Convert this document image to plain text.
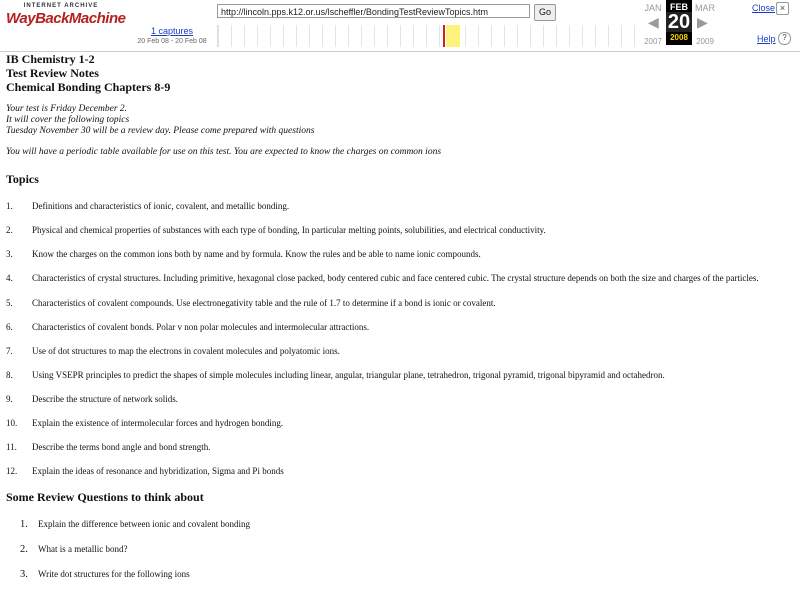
INTERNET ARCHIVE
WayBackMachine
1 captures
20 Feb 08 - 20 Feb 08
http://lincoln.pps.k12.or.us/lscheffler/BondingTestReviewTopics.htm	Go	JAN	MAR
◀	▶
FEB
20
2008
2007	2009
Close ×
Help ?
IB Chemistry 1-2
Test Review Notes
Chemical Bonding Chapters 8-9

Your test is Friday December 2.

It will cover the following topics

Tuesday November 30 will be a review day. Please come prepared with questions

You will have a periodic table available for use on this test. You are expected to know the charges on common ions

Topics
1. Definitions and characteristics of ionic, covalent, and metallic bonding.
2. Physical and chemical properties of substances with each type of bonding, In particular melting points, solubilities, and electrical conductivity.
3. Know the charges on the common ions both by name and by formula. Know the rules and be able to name ionic compounds.
4. Characteristics of crystal structures. Including primitive, hexagonal close packed, body centered cubic and face centered cubic. The crystal structure depends on both the size and charges of the particles.
5. Characteristics of covalent compounds. Use electronegativity table and the rule of 1.7 to determine if a bond is ionic or covalent.
6. Characteristics of covalent bonds. Polar v non polar molecules and intermolecular attractions.
7. Use of dot structures to map the electrons in covalent molecules and polyatomic ions.
8. Using VSEPR principles to predict the shapes of simple molecules including linear, angular, triangular plane, tetrahedron, trigonal pyramid, trigonal bipyramid and octahedron.
9. Describe the structure of network solids.
10. Explain the existence of intermolecular forces and hydrogen bonding.
11. Describe the terms bond angle and bond strength.
12. Explain the ideas of resonance and hybridization, Sigma and Pi bonds
Some Review Questions to think about
1. Explain the difference between ionic and covalent bonding
2. What is a metallic bond?
3. Write dot structures for the following ions
